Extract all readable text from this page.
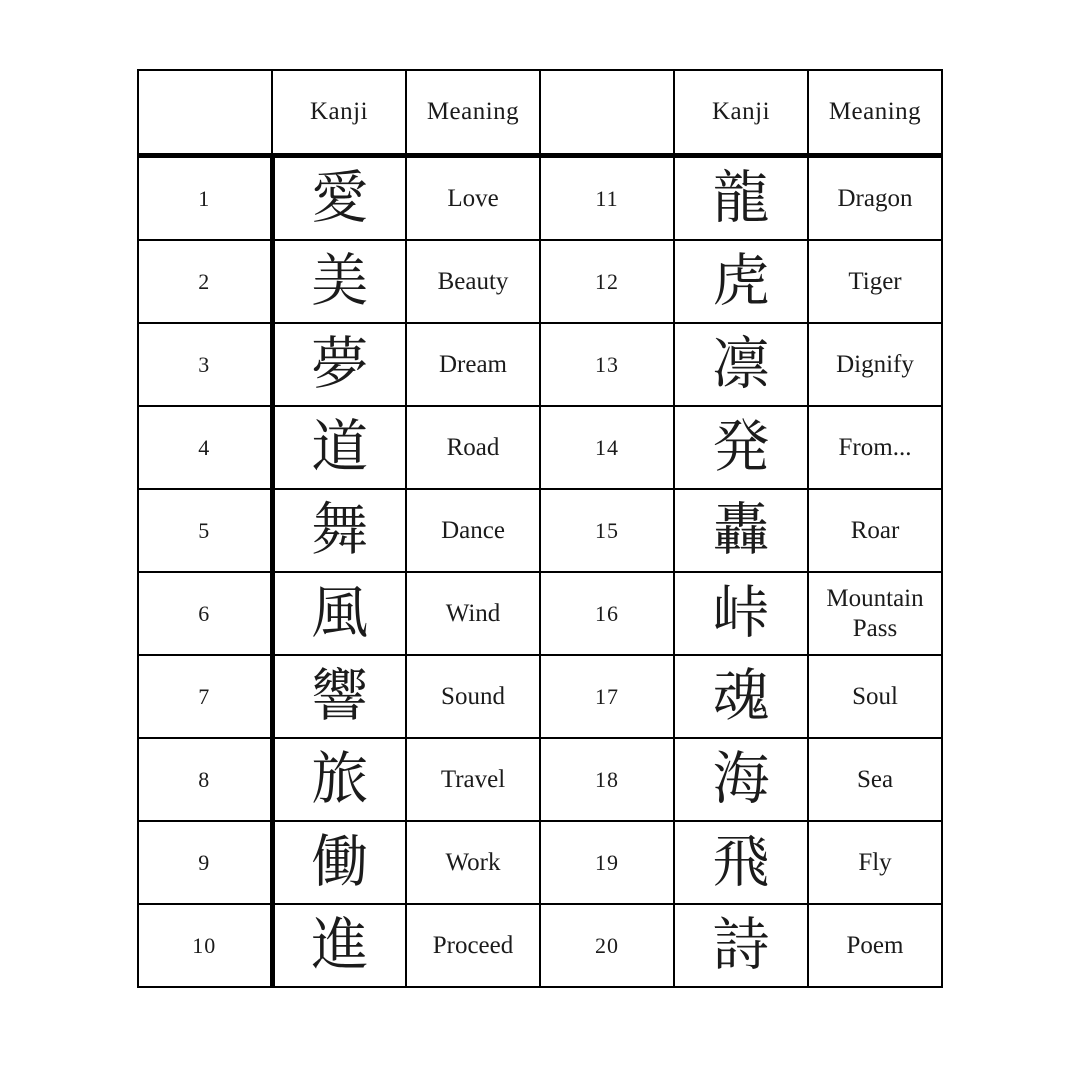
	Kanji	Meaning		Kanji	Meaning
1	愛	Love	11	龍	Dragon
2	美	Beauty	12	虎	Tiger
3	夢	Dream	13	凛	Dignify
4	道	Road	14	発	From...
5	舞	Dance	15	轟	Roar
6	風	Wind	16	峠	Mountain Pass
7	響	Sound	17	魂	Soul
8	旅	Travel	18	海	Sea
9	働	Work	19	飛	Fly
10	進	Proceed	20	詩	Poem
